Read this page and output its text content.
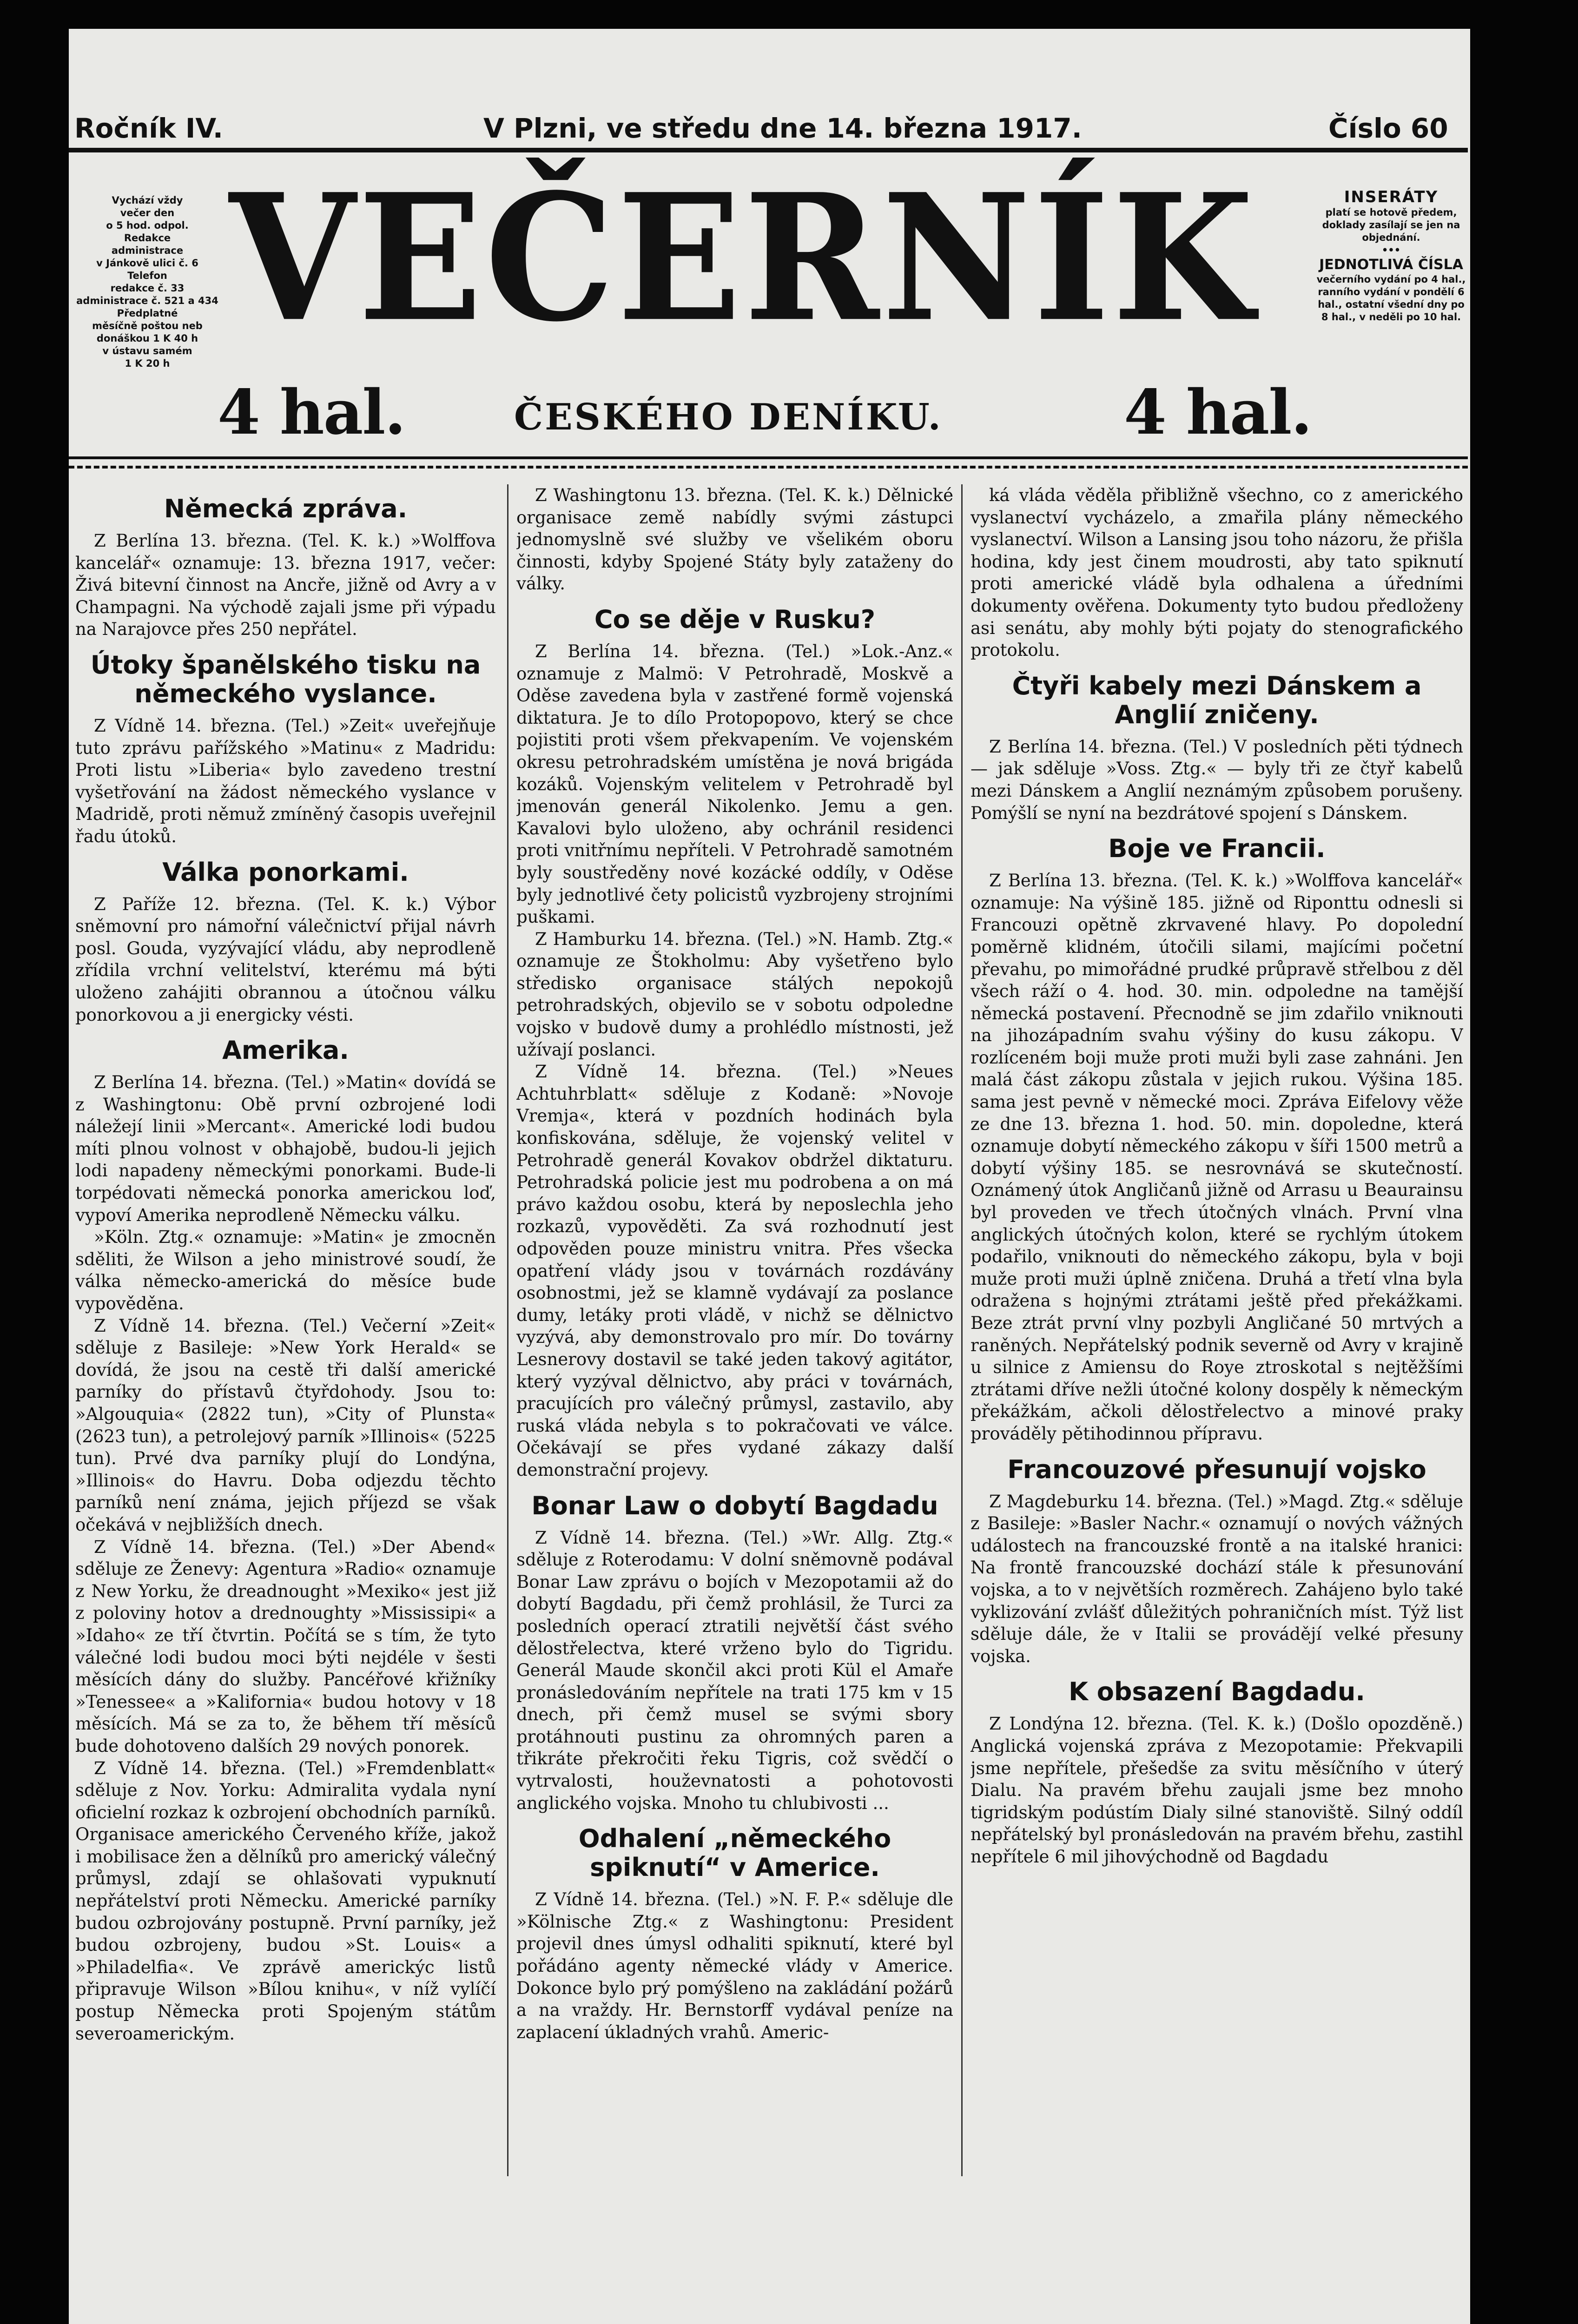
Ročník IV.	V Plzni, ve středu dne 14. března 1917.	Číslo 60

Vychází vždy

večer den

o 5 hod. odpol.

Redakce

administrace

v Jánkově ulici č. 6

Telefon

redakce č. 33

administrace č. 521 a 434

Předplatné

měsíčně poštou neb

donáškou 1 K 40 h

v ústavu samém

1 K 20 h

VEČERNÍK
4 hal.	ČESKÉHO DENÍKU.	4 hal.

INSERÁTY

platí se hotově předem, doklady zasílají se jen na objednání.

•••

JEDNOTLIVÁ ČÍSLA

večerního vydání po 4 hal., ranního vydání v pondělí 6 hal., ostatní všední dny po 8 hal., v neděli po 10 hal.

Německá zpráva.

Z Berlína 13. března. (Tel. K. k.) »Wolffova kancelář« oznamuje: 13. března 1917, večer: Živá bitevní činnost na Ancře, jižně od Avry a v Champagni. Na východě zajali jsme při výpadu na Narajovce přes 250 nepřátel.

Útoky španělského tisku na německého vyslance.

Z Vídně 14. března. (Tel.) »Zeit« uveřejňuje tuto zprávu pařížského »Matinu« z Madridu: Proti listu »Liberia« bylo zavedeno trestní vyšetřování na žádost německého vyslance v Madridě, proti němuž zmíněný časopis uveřejnil řadu útoků.

Válka ponorkami.

Z Paříže 12. března. (Tel. K. k.) Výbor sněmovní pro námořní válečnictví přijal návrh posl. Gouda, vyzývající vládu, aby neprodleně zřídila vrchní velitelství, kterému má býti uloženo zahájiti obrannou a útočnou válku ponorkovou a ji energicky vésti.

Amerika.

Z Berlína 14. března. (Tel.) »Matin« dovídá se z Washingtonu: Obě první ozbrojené lodi náležejí linii »Mercant«. Americké lodi budou míti plnou volnost v obhajobě, budou-li jejich lodi napadeny německými ponorkami. Bude-li torpédovati německá ponorka americkou loď, vypoví Amerika neprodleně Německu válku.

»Köln. Ztg.« oznamuje: »Matin« je zmocněn sděliti, že Wilson a jeho ministrové soudí, že válka německo-americká do měsíce bude vypověděna.

Z Vídně 14. března. (Tel.) Večerní »Zeit« sděluje z Basileje: »New York Herald« se dovídá, že jsou na cestě tři další americké parníky do přístavů čtyřdohody. Jsou to: »Algouquia« (2822 tun), »City of Plunsta« (2623 tun), a petrolejový parník »Illinois« (5225 tun). Prvé dva parníky plují do Londýna, »Illinois« do Havru. Doba odjezdu těchto parníků není známa, jejich příjezd se však očekává v nejbližších dnech.

Z Vídně 14. března. (Tel.) »Der Abend« sděluje ze Ženevy: Agentura »Radio« oznamuje z New Yorku, že dreadnought »Mexiko« jest již z poloviny hotov a drednoughty »Mississipi« a »Idaho« ze tří čtvrtin. Počítá se s tím, že tyto válečné lodi budou moci býti nejdéle v šesti měsících dány do služby. Pancéřové křižníky »Tenessee« a »Kalifornia« budou hotovy v 18 měsících. Má se za to, že během tří měsíců bude dohotoveno dalších 29 nových ponorek.

Z Vídně 14. března. (Tel.) »Fremdenblatt« sděluje z Nov. Yorku: Admiralita vydala nyní oficielní rozkaz k ozbrojení obchodních parníků. Organisace amerického Červeného kříže, jakož i mobilisace žen a dělníků pro americký válečný průmysl, zdají se ohlašovati vypuknutí nepřátelství proti Německu. Americké parníky budou ozbrojovány postupně. První parníky, jež budou ozbrojeny, budou »St. Louis« a »Philadelfia«. Ve zprávě americkýc listů připravuje Wilson »Bílou knihu«, v níž vylíčí postup Německa proti Spojeným státům severoamerickým.

Z Washingtonu 13. března. (Tel. K. k.) Dělnické organisace země nabídly svými zástupci jednomyslně své služby ve všelikém oboru činnosti, kdyby Spojené Státy byly zataženy do války.

Co se děje v Rusku?

Z Berlína 14. března. (Tel.) »Lok.-Anz.« oznamuje z Malmö: V Petrohradě, Moskvě a Oděse zavedena byla v zastřené formě vojenská diktatura. Je to dílo Protopopovo, který se chce pojistiti proti všem překvapením. Ve vojenském okresu petrohradském umístěna je nová brigáda kozáků. Vojenským velitelem v Petrohradě byl jmenován generál Nikolenko. Jemu a gen. Kavalovi bylo uloženo, aby ochránil residenci proti vnitřnímu nepříteli. V Petrohradě samotném byly soustředěny nové kozácké oddíly, v Oděse byly jednotlivé čety policistů vyzbrojeny strojními puškami.

Z Hamburku 14. března. (Tel.) »N. Hamb. Ztg.« oznamuje ze Štokholmu: Aby vyšetřeno bylo středisko organisace stálých nepokojů petrohradských, objevilo se v sobotu odpoledne vojsko v budově dumy a prohlédlo místnosti, jež užívají poslanci.

Z Vídně 14. března. (Tel.) »Neues Achtuhrblatt« sděluje z Kodaně: »Novoje Vremja«, která v pozdních hodinách byla konfiskována, sděluje, že vojenský velitel v Petrohradě generál Kovakov obdržel diktaturu. Petrohradská policie jest mu podrobena a on má právo každou osobu, která by neposlechla jeho rozkazů, vypověděti. Za svá rozhodnutí jest odpověden pouze ministru vnitra. Přes všecka opatření vlády jsou v továrnách rozdávány osobnostmi, jež se klamně vydávají za poslance dumy, letáky proti vládě, v nichž se dělnictvo vyzývá, aby demonstrovalo pro mír. Do továrny Lesnerovy dostavil se také jeden takový agitátor, který vyzýval dělnictvo, aby práci v továrnách, pracujících pro válečný průmysl, zastavilo, aby ruská vláda nebyla s to pokračovati ve válce. Očekávají se přes vydané zákazy další demonstrační projevy.

Bonar Law o dobytí Bagdadu

Z Vídně 14. března. (Tel.) »Wr. Allg. Ztg.« sděluje z Roterodamu: V dolní sněmovně podával Bonar Law zprávu o bojích v Mezopotamii až do dobytí Bagdadu, při čemž prohlásil, že Turci za posledních operací ztratili největší část svého dělostřelectva, které vrženo bylo do Tigridu. Generál Maude skončil akci proti Kül el Amaře pronásledováním nepřítele na trati 175 km v 15 dnech, při čemž musel se svými sbory protáhnouti pustinu za ohromných paren a třikráte překročiti řeku Tigris, což svědčí o vytrvalosti, houževnatosti a pohotovosti anglického vojska. Mnoho tu chlubivosti ...

Odhalení „německého spiknutí“ v Americe.

Z Vídně 14. března. (Tel.) »N. F. P.« sděluje dle »Kölnische Ztg.« z Washingtonu: President projevil dnes úmysl odhaliti spiknutí, které byl pořádáno agenty německé vlády v Americe. Dokonce bylo prý pomýšleno na zakládání požárů a na vraždy. Hr. Bernstorff vydával peníze na zaplacení úkladných vrahů. Americ-

ká vláda věděla přibližně všechno, co z amerického vyslanectví vycházelo, a zmařila plány německého vyslanectví. Wilson a Lansing jsou toho názoru, že přišla hodina, kdy jest činem moudrosti, aby tato spiknutí proti americké vládě byla odhalena a úředními dokumenty ověřena. Dokumenty tyto budou předloženy asi senátu, aby mohly býti pojaty do stenografického protokolu.

Čtyři kabely mezi Dánskem a Anglií zničeny.

Z Berlína 14. března. (Tel.) V posledních pěti týdnech — jak sděluje »Voss. Ztg.« — byly tři ze čtyř kabelů mezi Dánskem a Anglií neznámým způsobem porušeny. Pomýšlí se nyní na bezdrátové spojení s Dánskem.

Boje ve Francii.

Z Berlína 13. března. (Tel. K. k.) »Wolffova kancelář« oznamuje: Na výšině 185. jižně od Riponttu odnesli si Francouzi opětně zkrvavené hlavy. Po dopolední poměrně klidném, útočili silami, majícími početní převahu, po mimořádné prudké průpravě střelbou z děl všech ráží o 4. hod. 30. min. odpoledne na tamější německá postavení. Přecnodně se jim zdařilo vniknouti na jihozápadním svahu výšiny do kusu zákopu. V rozlíceném boji muže proti muži byli zase zahnáni. Jen malá část zákopu zůstala v jejich rukou. Výšina 185. sama jest pevně v německé moci. Zpráva Eifelovy věže ze dne 13. března 1. hod. 50. min. dopoledne, která oznamuje dobytí německého zákopu v šíři 1500 metrů a dobytí výšiny 185. se nesrovnává se skutečností. Oznámený útok Angličanů jižně od Arrasu u Beaurainsu byl proveden ve třech útočných vlnách. První vlna anglických útočných kolon, které se rychlým útokem podařilo, vniknouti do německého zákopu, byla v boji muže proti muži úplně zničena. Druhá a třetí vlna byla odražena s hojnými ztrátami ještě před překážkami. Beze ztrát první vlny pozbyli Angličané 50 mrtvých a raněných. Nepřátelský podnik severně od Avry v krajině u silnice z Amiensu do Roye ztroskotal s nejtěžšími ztrátami dříve nežli útočné kolony dospěly k německým překážkám, ačkoli dělostřelectvo a minové praky prováděly pětihodinnou přípravu.

Francouzové přesunují vojsko

Z Magdeburku 14. března. (Tel.) »Magd. Ztg.« sděluje z Basileje: »Basler Nachr.« oznamují o nových vážných událostech na francouzské frontě a na italské hranici: Na frontě francouzské dochází stále k přesunování vojska, a to v největších rozměrech. Zahájeno bylo také vyklizování zvlášť důležitých pohraničních míst. Týž list sděluje dále, že v Italii se provádějí velké přesuny vojska.

K obsazení Bagdadu.

Z Londýna 12. března. (Tel. K. k.) (Došlo opozděně.) Anglická vojenská zpráva z Mezopotamie: Překvapili jsme nepřítele, přešedše za svitu měsíčního v úterý Dialu. Na pravém břehu zaujali jsme bez mnoho tigridským podústím Dialy silné stanoviště. Silný oddíl nepřátelský byl pronásledován na pravém břehu, zastihl nepřítele 6 mil jihovýchodně od Bagdadu
